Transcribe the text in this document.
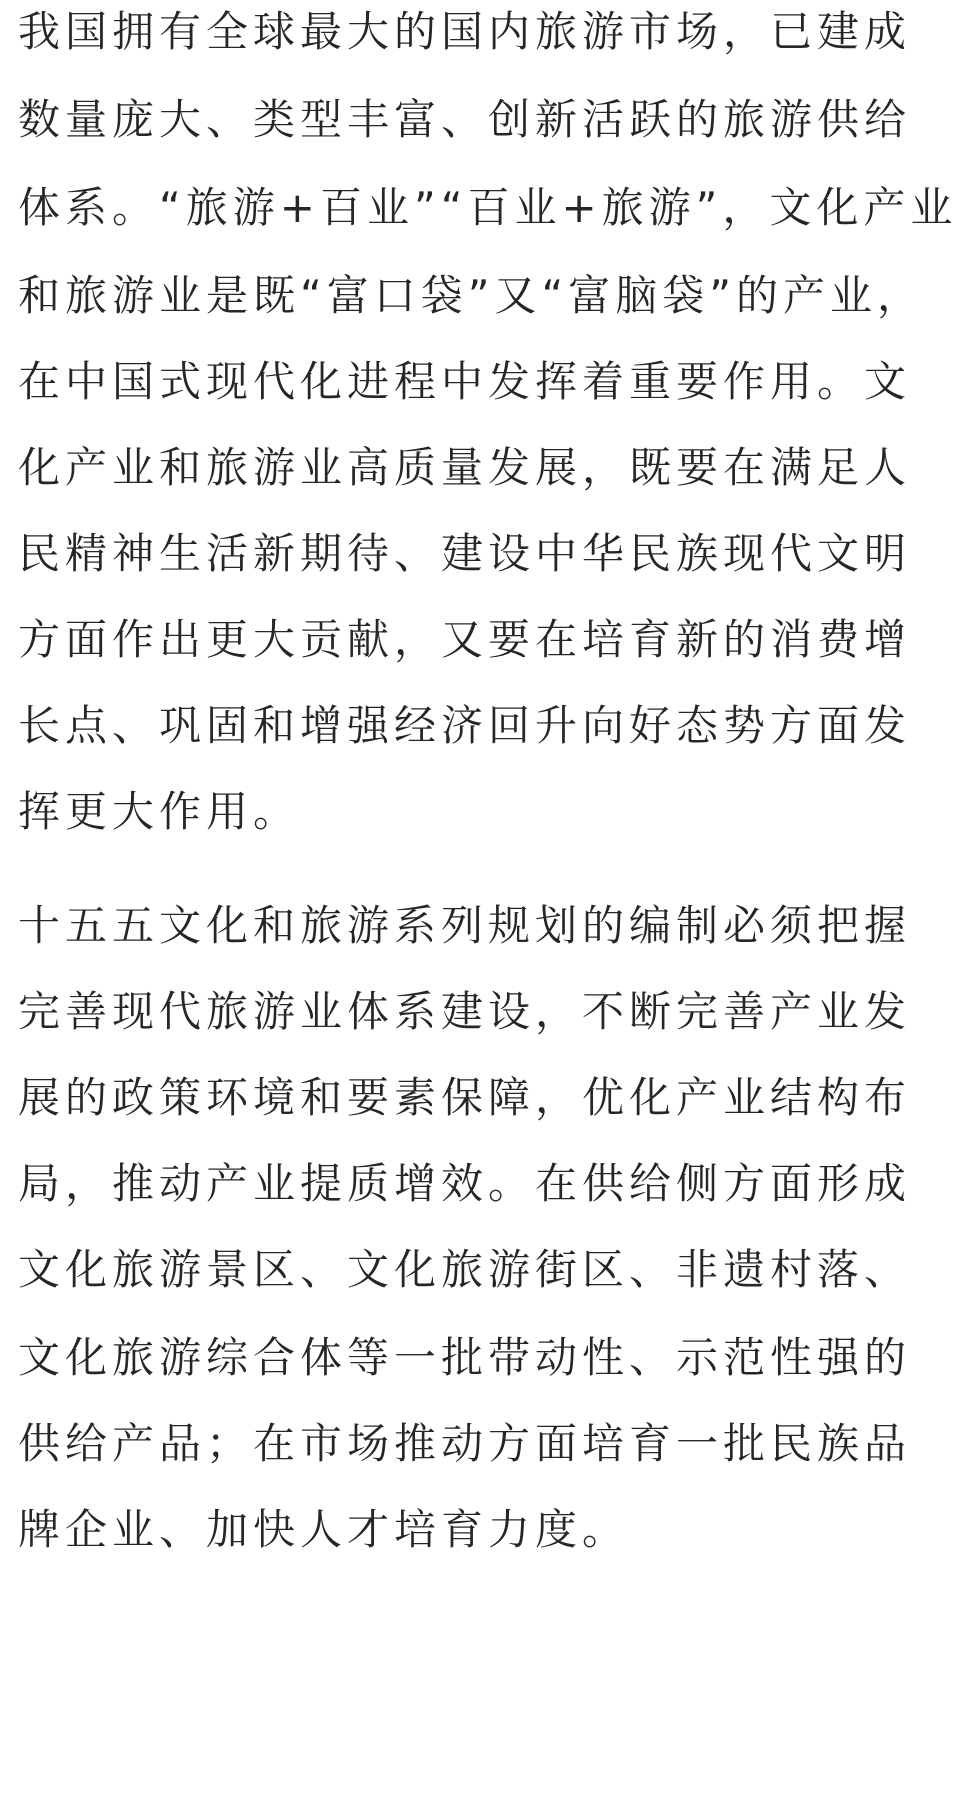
我国拥有全球最大的国内旅游市场，已建成
数量庞大、类型丰富、创新活跃的旅游供给
体系。“旅游+百业”“百业+旅游”，文化产业
和旅游业是既“富口袋”又“富脑袋”的产业，
在中国式现代化进程中发挥着重要作用。文
化产业和旅游业高质量发展，既要在满足人
民精神生活新期待、建设中华民族现代文明
方面作出更大贡献，又要在培育新的消费增
长点、巩固和增强经济回升向好态势方面发
挥更大作用。
十五五文化和旅游系列规划的编制必须把握
完善现代旅游业体系建设，不断完善产业发
展的政策环境和要素保障，优化产业结构布
局，推动产业提质增效。在供给侧方面形成
文化旅游景区、文化旅游街区、非遗村落、
文化旅游综合体等一批带动性、示范性强的
供给产品；在市场推动方面培育一批民族品
牌企业、加快人才培育力度。
